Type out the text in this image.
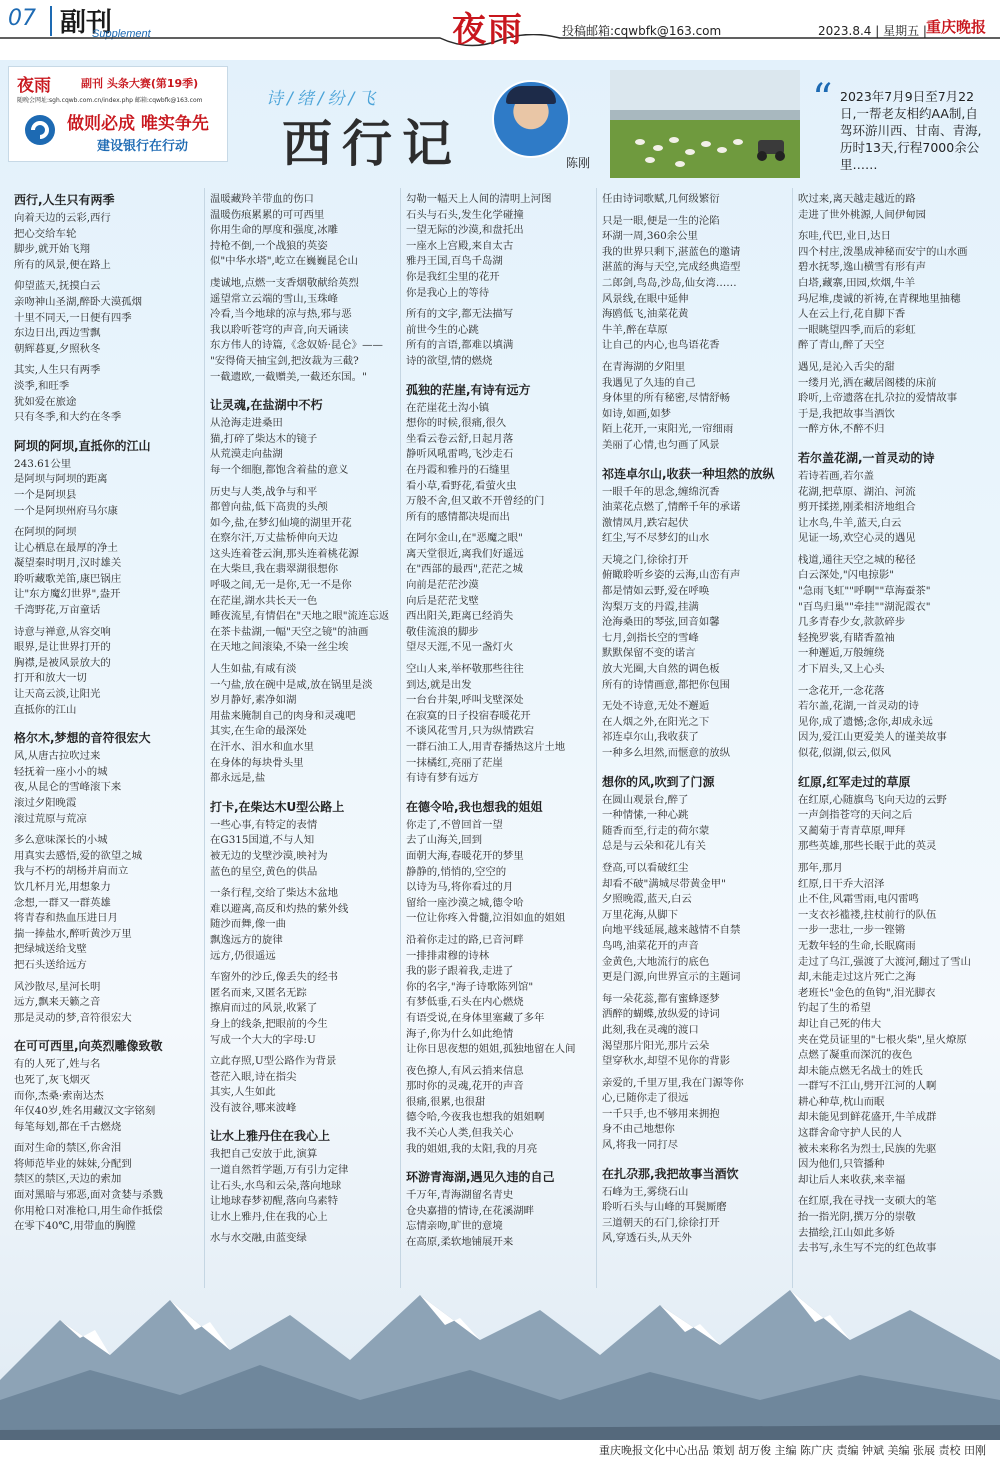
07 副刊
Supplement	夜雨	投稿邮箱:cqwbfk@163.com	2023.8.4 | 星期五 | 重庆晚报
夜雨	副刊 头条大赛(第19季)
随晚会网址:sgh.cqwb.com.cn/index.php 邮箱:cqwbfk@163.com
做则必成 唯实争先
建设银行在行动
诗/绪/纷/飞
西行记	陈刚
“ 2023年7月9日至7月22日,一帮老友相约AA制,自驾环游川西、甘南、青海,历时13天,行程7000余公里……
西行,人生只有两季

向着天边的云彩,西行

把心交给车轮

脚步,就开始飞翔

所有的风景,便在路上

仰望蓝天,抚摸白云

亲吻神山圣湖,醉卧大漠孤烟

十里不同天,一日便有四季

东边日出,西边雪飘

朝辉暮夏,夕照秋冬

其实,人生只有两季

淡季,和旺季

犹如爱在旅途

只有冬季,和大约在冬季

阿坝的阿坝,直抵你的江山

243.61公里

是阿坝与阿坝的距离

一个是阿坝县

一个是阿坝州府马尔康

在阿坝的阿坝

让心栖息在最厚的净土

凝望秦时明月,汉时雄关

聆听藏歌羌笛,康巴锅庄

让"东方魔幻世界",盎开

千湾野花,万亩童话

诗意与禅意,从容交响

眼界,是让世界打开的

胸襟,是被风景放大的

打开和放大一切

让天高云淡,让阳光

直抵你的江山

格尔木,梦想的音符很宏大

风,从唐古拉吹过来

轻抚着一座小小的城

夜,从昆仑的雪峰滚下来

滚过夕阳晚霞

滚过荒原与荒凉

多么意味深长的小城

用真实去感悟,爱的欲望之城

我与不朽的胡杨并肩而立

饮几杯月光,用想象力

念想,一群又一群英雄

将青春和热血压进日月

揣一捧盐水,醉听黄沙万里

把绿城送给戈壁

把石头送给远方

风沙散尽,星河长明

远方,飘来天籁之音

那是灵动的梦,音符很宏大

在可可西里,向英烈雕像致敬

有的人死了,姓与名

也死了,灰飞烟灭

而你,杰桑·索南达杰

年仅40岁,姓名用藏汉文字铭刻

每笔每划,都在千古燃烧

面对生命的禁区,你舍泪

将师范毕业的妹妹,分配到

禁区的禁区,天边的索加

面对黑暗与邪恶,面对贪婪与杀戮

你用枪口对准枪口,用生命作抵偿

在零下40℃,用带血的胸膛

温暖藏羚羊带血的伤口

温暖伤痕累累的可可西里

你用生命的厚度和强度,冰雕

持枪不倒,一个战狼的英姿

似"中华水塔",屹立在巍巍昆仑山

虔诚地,点燃一支香烟敬献给英烈

遥望常立云端的雪山,玉珠峰

冷看,当今地球的凉与热,邪与恶

我以聆听苍穹的声音,向天诵读

东方伟人的诗篇,《念奴娇·昆仑》——

"安得倚天抽宝剑,把汝裁为三截?

一截遗欧,一截赠美,一截还东国。"

让灵魂,在盐湖中不朽

从沧海走进桑田

猫,打碎了柴达木的镜子

从荒漠走向盐湖

每一个细胞,都饱含着盐的意义

历史与人类,战争与和平

都曾向盐,低下高贵的头颅

如今,盐,在梦幻仙境的湖里开花

在察尔汗,万丈盐桥伸向天边

这头连着苍云涧,那头连着桃花源

在大柴旦,我在翡翠湖很想你

呼吸之间,无一是你,无一不是你

在茫崖,湖水共长天一色

睡夜流星,有情侣在"天地之眼"流连忘返

在茶卡盐湖,一幅"天空之镜"的油画

在天地之间滚染,不染一丝尘埃

人生如盐,有咸有淡

一勺盐,放在碗中是咸,放在锅里是淡

岁月静好,素净如湖

用盐来腌制自己的肉身和灵魂吧

其实,在生命的最深处

在汗水、泪水和血水里

在身体的每块骨头里

都永远是,盐

打卡,在柴达木U型公路上

一些心事,有特定的表情

在G315国道,不与人知

被无边的戈壁沙漠,映衬为

蓝色的星空,黄色的供品

一条行程,交给了柴达木盆地

难以避离,高反和灼热的紫外线

随沙而舞,像一曲

飘逸远方的旋律

远方,仍很遥远

车窗外的沙丘,像丢失的经书

匿名而来,又匿名无踪

擦肩而过的风景,收紧了

身上的线条,把眼前的今生

写成一个大大的字母:U

立此存照,U型公路作为背景

苍茫入眼,诗在指尖

其实,人生如此

没有波谷,哪来波峰

让水上雅丹住在我心上

我把自己安放于此,演算

一道自然哲学题,万有引力定律

让石头,水鸟和云朵,落向地球

让地球春梦初醒,落向乌素特

让水上雅丹,住在我的心上

水与水交融,由蓝变绿

勾勒一幅天上人间的清明上河图

石头与石头,发生化学碰撞

一望无际的沙漠,和盘托出

一座水上宫殿,来自太古

雅丹王国,百鸟千岛湖

你是我红尘里的花开

你是我心上的等待

所有的文字,都无法描写

前世今生的心跳

所有的言语,都难以填满

诗的欲望,情的燃烧

孤独的茫崖,有诗有远方

在茫崖花土沟小镇

想你的时候,很痛,很久

坐看云卷云舒,日起月落

静听风吼雷鸣,飞沙走石

在丹霞和雅丹的石缝里

看小草,看野花,看萤火虫

万般不舍,但又敢不开曾经的门

所有的感情都决堤而出

在阿尔金山,在"恶魔之眼"

离天堂很近,离我们好遥远

在"西部的最西",茫茫之城

向前是茫茫沙漠

向后是茫茫戈壁

西出阳关,距离已经消失

敬佳流浪的脚步

望尽天涯,不见一盏灯火

空山人来,举杯敬那些往往

到达,就是出发

一台台井架,呼叫戈壁深处

在寂寞的日子投宿春暖花开

不谈风花雪月,只为纵情跌宕

一群石油工人,用青春播热这片土地

一抹橘红,亮丽了茫崖

有诗有梦有远方

在德令哈,我也想我的姐姐

你走了,不曾回首一望

去了山海关,回到

面朝大海,春暖花开的梦里

静静的,悄悄的,空空的

以诗为马,将你看过的月

留给一座沙漠之城,德令哈

一位让你疼入骨髓,泣泪如血的姐姐

沿着你走过的路,已音河畔

一排排肃穆的诗林

我的影子跟着我,走进了

你的名字,"海子诗歌陈列馆"

有梦低垂,石头在内心燃烧

有语受说,在身体里塞藏了多年

海子,你为什么如此绝情

让你日思夜想的姐姐,孤独地留在人间

夜色撩人,有风云捎来信息

那时你的灵魂,花开的声音

很痛,很累,也很甜

德令哈,今夜我也想我的姐姐啊

我不关心人类,但我关心

我的姐姐,我的太阳,我的月亮

环游青海湖,遇见久违的自己

千万年,青海湖留名青史

仓央嘉措的情诗,在花溪湖畔

忘情亲吻,旷世的意境

在高原,柔软地铺展开来

任由诗词歌赋,几何级繁衍

只是一眼,便是一生的沦陷

环湖一周,360余公里

我的世界只剩下,湛蓝色的邀请

湛蓝的海与天空,完成经典造型

二郎剑,鸟岛,沙岛,仙女湾……

风景线,在眼中延伸

海鸥低飞,油菜花黄

牛羊,醉在草原

让自己的内心,也鸟语花香

在青海湖的夕阳里

我遇见了久违的自己

身体里的所有秘密,尽情舒畅

如诗,如画,如梦

陌上花开,一束阳光,一帘细雨

美丽了心情,也匀画了风景

祁连卓尔山,收获一种坦然的放纵

一眼千年的思念,缠绵沉香

油菜花点燃了,情醉千年的承诺

激情凤月,跌宕起伏

红尘,写不尽梦幻的山水

天境之门,徐徐打开

俯瞰聆听乡姿的云海,山峦有声

都是情如云野,爱在呼唤

沟梨万支的丹霞,挂满

沧海桑田的琴弦,回音如馨

七月,剑指长空的雪峰

默默保留不变的诺言

放大光圈,大自然的调色板

所有的诗情画意,都把你包围

无处不诗意,无处不邂逅

在人烟之外,在阳光之下

祁连卓尔山,我收获了

一种多么坦然,而惬意的放纵

想你的风,吹到了门源

在圆山观景台,醉了

一种情愫,一种心跳

随香而至,行走的荷尔蒙

总是与云朵和花儿有关

登高,可以看破红尘

却看不破"满城尽带黄金甲"

夕照晚霞,蓝天,白云

万里花海,从脚下

向地平线延展,越来越情不自禁

鸟鸣,油菜花开的声音

金黄色,大地流行的底色

更是门源,向世界宣示的主题词

每一朵花蕊,都有蜜蜂逐梦

洒醉的蝴蝶,放纵爱的诗词

此刻,我在灵魂的渡口

渴望那片阳光,那片云朵

望穿秋水,却望不见你的背影

亲爱的,千里万里,我在门源等你

心,已随你走了很远

一千只手,也不够用来拥抱

身不由己地想你

风,将我一同打尽

在扎尕那,我把故事当酒饮

石峰为王,雾绕石山

聆听石头与山峰的耳鬓厮磨

三道朝天的石门,徐徐打开

风,穿透石头,从天外

吹过来,离天越走越近的路

走进了世外桃源,人间伊甸园

东哇,代巴,业日,达日

四个村庄,泼墨成神秘而安宁的山水画

碧水抚琴,逸山横雪有形有声

白塔,藏寨,田园,炊烟,牛羊

玛尼堆,虔诚的祈祷,在青稞地里抽穗

人在云上行,花自脚下香

一眼眺望四季,而后的彩虹

醉了青山,醉了天空

遇见,是沁入舌尖的甜

一缕月光,洒在藏居阁楼的床前

聆听,上帝遗落在扎尕拉的爱情故事

于是,我把故事当酒饮

一醉方休,不醉不归

若尔盖花湖,一首灵动的诗

若诗若画,若尔盖

花湖,把草原、湖泊、河流

剪开揉搓,刚柔相济地组合

让水鸟,牛羊,蓝天,白云

见证一场,欢空心灵的遇见

栈道,通往天空之城的秘径

白云深处,"闪电掠影"

"急雨飞虹""呼啊""草海蚕茶"

"百鸟归巢""牵挂""湖泥霞衣"

几多青春少女,款款碎步

轻挽罗裳,有睹香盈袖

一种邂逅,万般缠绕

才下眉头,又上心头

一念花开,一念花落

若尔盖,花湖,一首灵动的诗

见你,成了遗憾;念你,却成永远

因为,爱江山更爱美人的谨美故事

似花,似湖,似云,似风

红原,红军走过的草原

在红原,心随旗鸟飞向天边的云野

一声剑指苍穹的天问之后

又蔺菊于青青草原,呷拜

那些英雄,那些长眠于此的英灵

那年,那月

红原,日干乔大沼泽

止不住,风霜雪雨,电闪雷鸣

一支衣衫褴褛,拄杖前行的队伍

一步一悲壮,一步一铿锵

无数年轻的生命,长眠腐雨

走过了乌江,强渡了大渡河,翻过了雪山

却,未能走过这片死亡之海

老班长"金色的鱼钩",泪光脚衣

钓起了生的希望

却让自己死的伟大

夹在党员证里的"七根火柴",星火燎原

点燃了凝重而深沉的夜色

却未能点燃无名战士的姓氏

一群写不江山,劈开江河的人啊

耕心种草,枕山而眠

却未能见到鲜花盛开,牛羊成群

这群舍命守护人民的人

被未来称名为烈士,民族的先驱

因为他们,只管播种

却让后人来收获,来幸福

在红原,我在寻找一支硕大的笔

抬一指光阴,撰万分的崇敬

去描绘,江山如此多娇

去书写,永生写不完的红色故事

重庆晚报文化中心出品 策划 胡万俊 主编 陈广庆 责编 钟斌 美编 张展 责校 田刚
